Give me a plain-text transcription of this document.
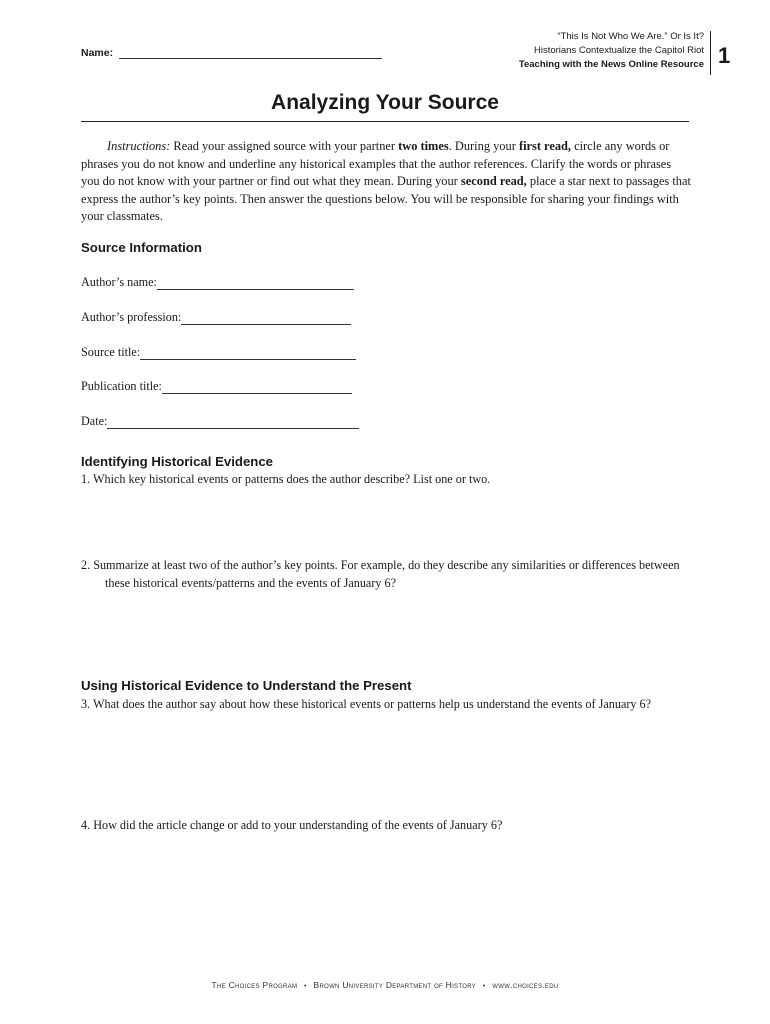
Name:
“This Is Not Who We Are.” Or Is It?
Historians Contextualize the Capitol Riot
Teaching with the News Online Resource 1
Analyzing Your Source
Instructions: Read your assigned source with your partner two times. During your first read, circle any words or phrases you do not know and underline any historical examples that the author references. Clarify the words or phrases you do not know with your partner or find out what they mean. During your second read, place a star next to passages that express the author’s key points. Then answer the questions below. You will be responsible for sharing your findings with your classmates.
Source Information
Author’s name:
Author’s profession:
Source title:
Publication title:
Date:
Identifying Historical Evidence
1. Which key historical events or patterns does the author describe? List one or two.
2. Summarize at least two of the author’s key points. For example, do they describe any similarities or differences between these historical events/patterns and the events of January 6?
Using Historical Evidence to Understand the Present
3. What does the author say about how these historical events or patterns help us understand the events of January 6?
4. How did the article change or add to your understanding of the events of January 6?
The Choices Program • Brown University Department of History • www.choices.edu
